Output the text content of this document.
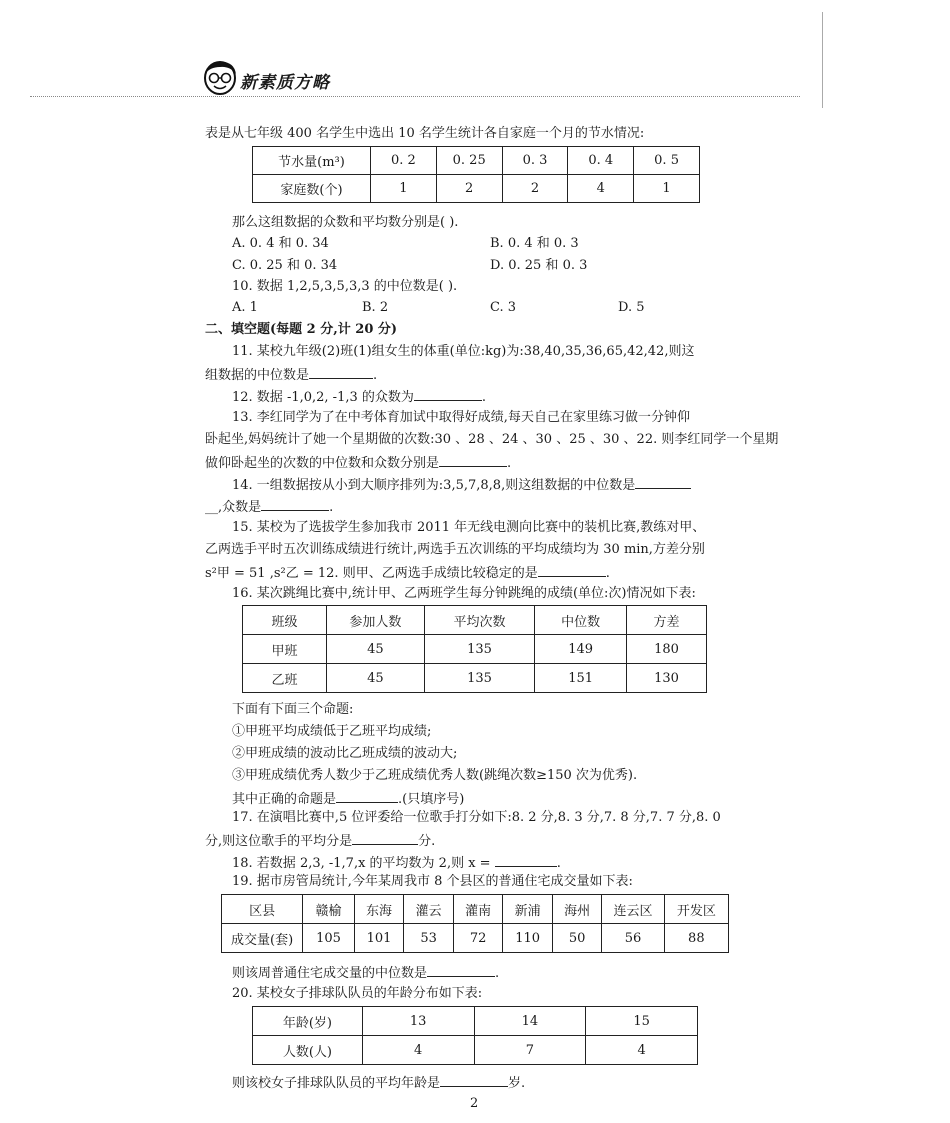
新素质方略
表是从七年级 400 名学生中选出 10 名学生统计各自家庭一个月的节水情况:
节水量(m³)	0. 2	0. 25	0. 3	0. 4	0. 5
家庭数(个)	1	2	2	4	1
那么这组数据的众数和平均数分别是( ).
A. 0. 4 和 0. 34	B. 0. 4 和 0. 3
C. 0. 25 和 0. 34	D. 0. 25 和 0. 3
10. 数据 1,2,5,3,5,3,3 的中位数是( ).
A. 1	B. 2	C. 3	D. 5
二、填空题(每题 2 分,计 20 分)
11. 某校九年级(2)班(1)组女生的体重(单位:kg)为:38,40,35,36,65,42,42,则这
组数据的中位数是	.
12. 数据 -1,0,2, -1,3 的众数为	.
13. 李红同学为了在中考体育加试中取得好成绩,每天自己在家里练习做一分钟仰
卧起坐,妈妈统计了她一个星期做的次数:30 、28 、24 、30 、25 、30 、22. 则李红同学一个星期
做仰卧起坐的次数的中位数和众数分别是	.
14. 一组数据按从小到大顺序排列为:3,5,7,8,8,则这组数据的中位数是
__,众数是	.
15. 某校为了选拔学生参加我市 2011 年无线电测向比赛中的装机比赛,教练对甲、
乙两选手平时五次训练成绩进行统计,两选手五次训练的平均成绩均为 30 min,方差分别
s²甲 = 51 ,s²乙 = 12. 则甲、乙两选手成绩比较稳定的是	.
16. 某次跳绳比赛中,统计甲、乙两班学生每分钟跳绳的成绩(单位:次)情况如下表:
班级	参加人数	平均次数	中位数	方差
甲班	45	135	149	180
乙班	45	135	151	130
下面有下面三个命题:
①甲班平均成绩低于乙班平均成绩;
②甲班成绩的波动比乙班成绩的波动大;
③甲班成绩优秀人数少于乙班成绩优秀人数(跳绳次数≥150 次为优秀).
其中正确的命题是	.(只填序号)
17. 在演唱比赛中,5 位评委给一位歌手打分如下:8. 2 分,8. 3 分,7. 8 分,7. 7 分,8. 0
分,则这位歌手的平均分是	分.
18. 若数据 2,3, -1,7,x 的平均数为 2,则 x =	.
19. 据市房管局统计,今年某周我市 8 个县区的普通住宅成交量如下表:
区县	赣榆	东海	灌云	灌南	新浦	海州	连云区	开发区
成交量(套)	105	101	53	72	110	50	56	88
则该周普通住宅成交量的中位数是	.
20. 某校女子排球队队员的年龄分布如下表:
年龄(岁)	13	14	15
人数(人)	4	7	4
则该校女子排球队队员的平均年龄是	岁.
2
